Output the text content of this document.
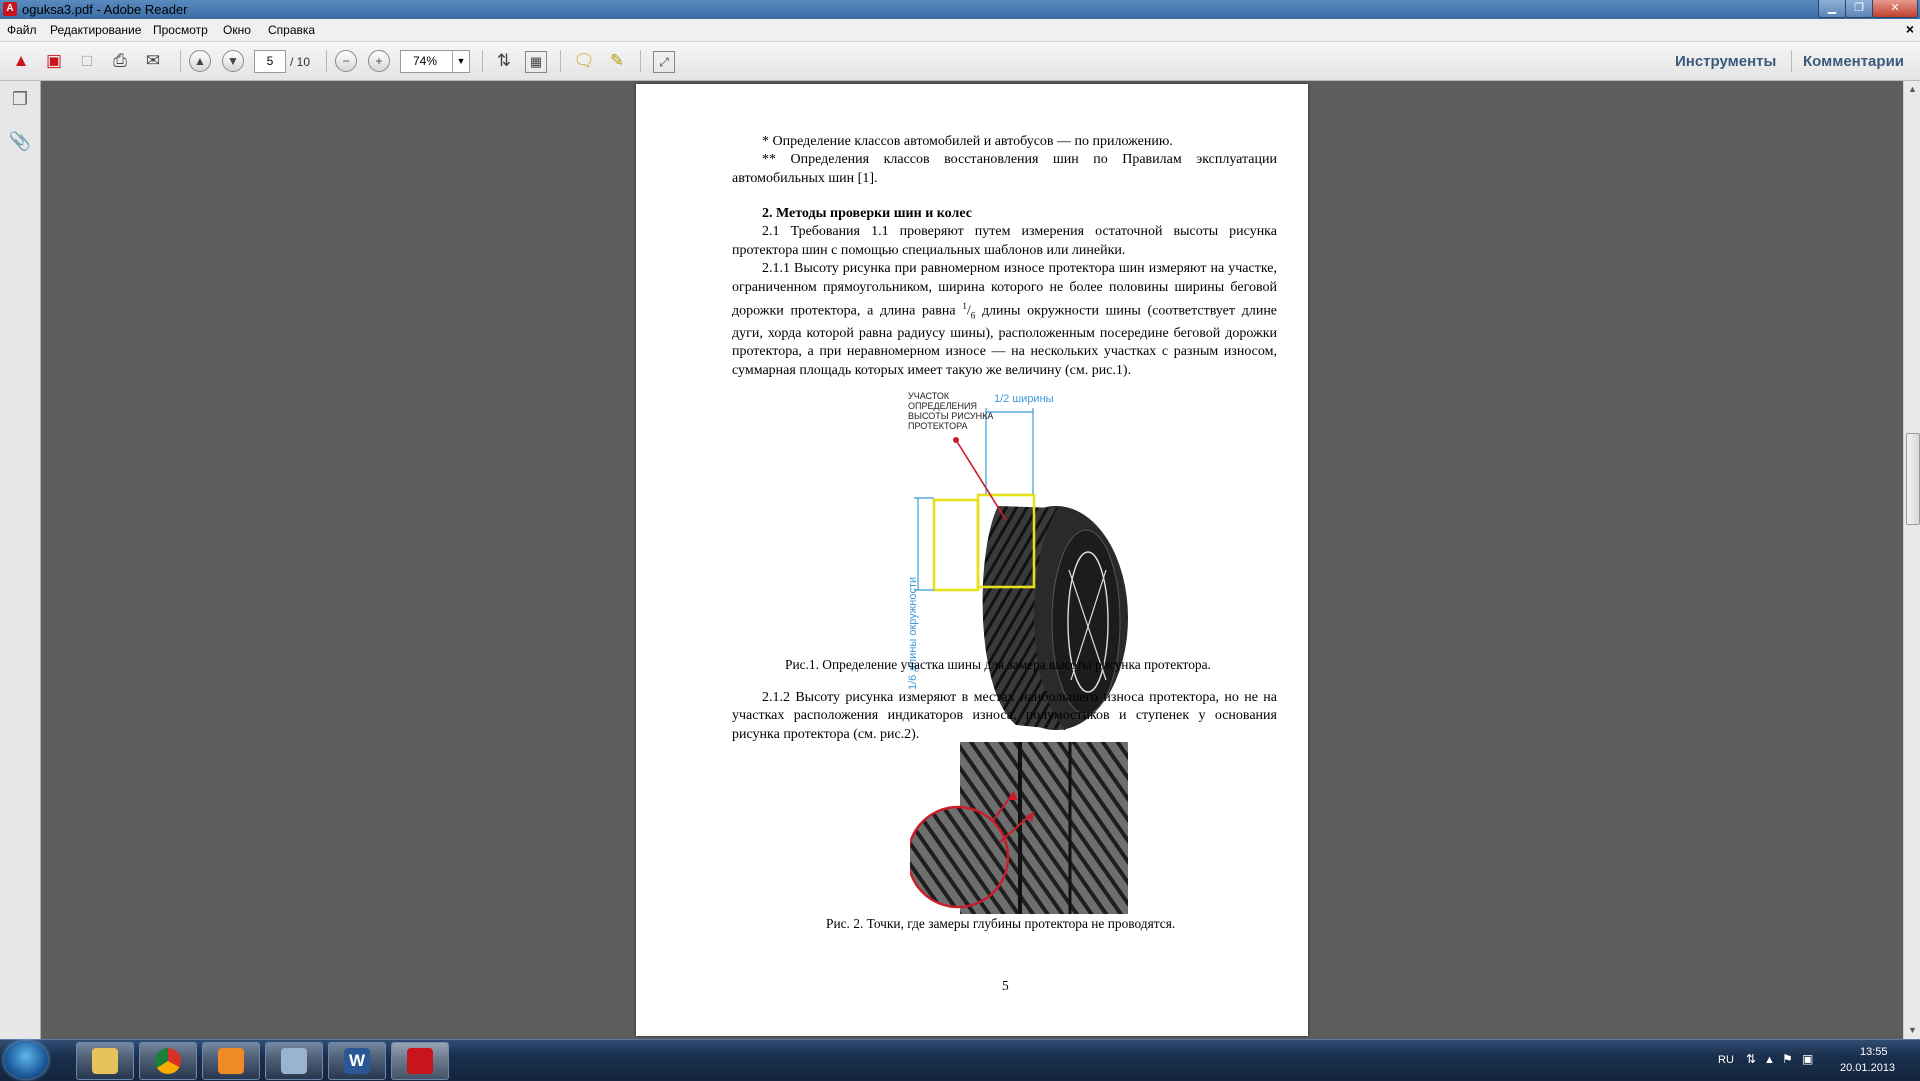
A oguksa3.pdf - Adobe Reader	▁	❐	✕
Файл Редактирование Просмотр Окно Справка	×
▲ ▣	□	⎙	✉	▲	▼	5	/ 10	−	+	74%	▼ ⇅	▦ 🗨 ✎	⤢	Инструменты Комментарии
❐
📎
▲
▼
* Определение классов автомобилей и автобусов — по приложению.
** Определения классов восстановления шин по Правилам эксплуатации автомобильных шин [1].
2. Методы проверки шин и колес
2.1 Требования 1.1 проверяют путем измерения остаточной высоты рисунка протектора шин с помощью специальных шаблонов или линейки.
2.1.1 Высоту рисунка при равномерном износе протектора шин измеряют на участке, ограниченном прямоугольником, ширина которого не более половины ширины беговой дорожки протектора, а длина равна $^1/_6$ длины окружности шины (соответствует длине дуги, хорда которой равна радиусу шины), расположенным посередине беговой дорожки протектора, а при неравномерном износе — на нескольких участках с разным износом, суммарная площадь которых имеет такую же величину (см. рис.1).
УЧАСТОК
ОПРЕДЕЛЕНИЯ
ВЫСОТЫ РИСУНКА
ПРОТЕКТОРА
1/2 ширины
1/6 длины окружности
Рис.1. Определение участка шины для замера высоты рисунка протектора.
2.1.2 Высоту рисунка измеряют в местах наибольшего износа протектора, но не на участках расположения индикаторов износа, полумостиков и ступенек у основания рисунка протектора (см. рис.2).
Рис. 2. Точки, где замеры глубины протектора не проводятся.
5
W	RU ⇅ ▲ ⚑ ▣	13:55
20.01.2013
